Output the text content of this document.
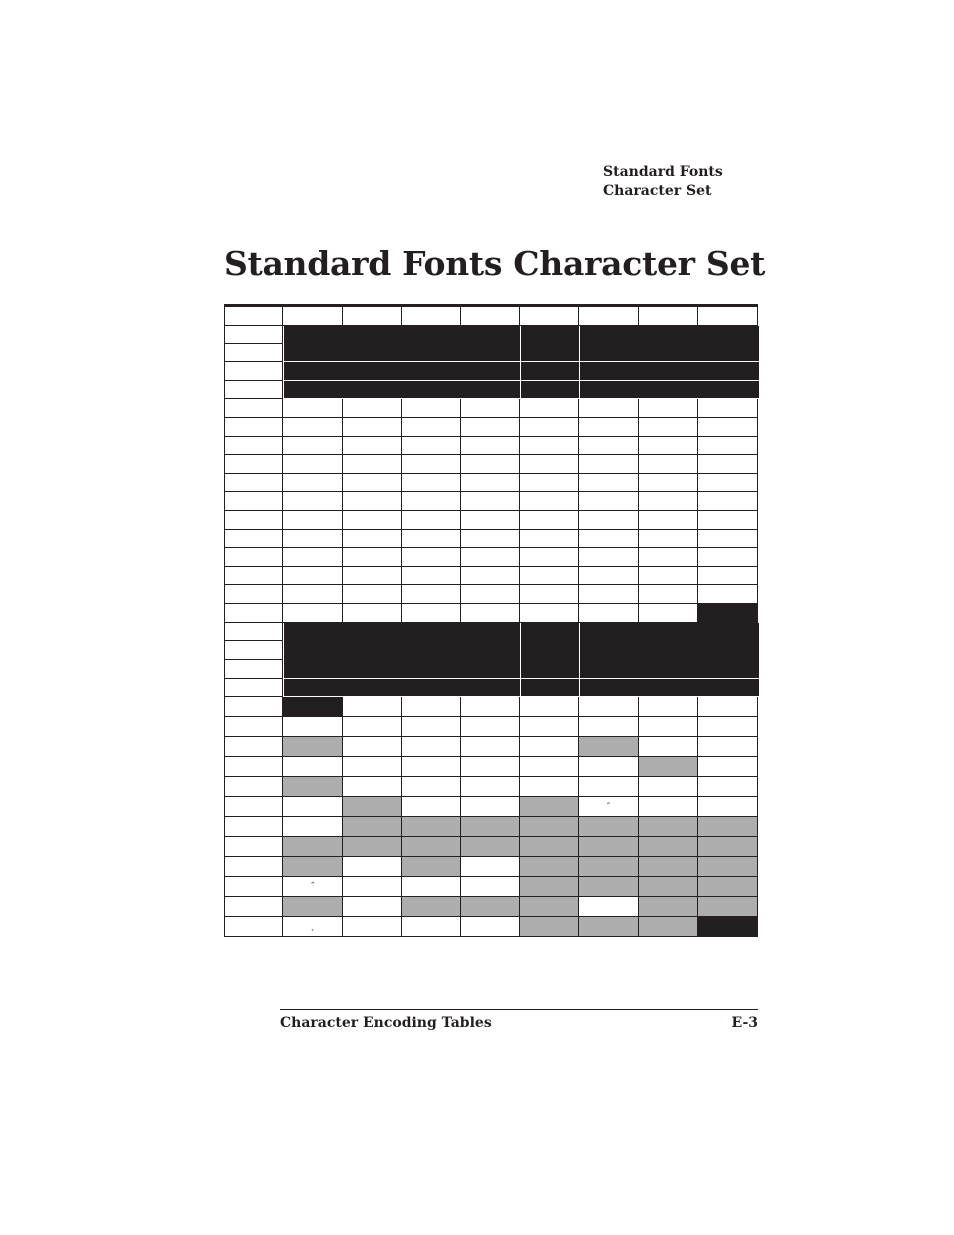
Standard Fonts
Character Set
Standard Fonts Character Set
″
˝
˛
Character Encoding Tables	E-3
